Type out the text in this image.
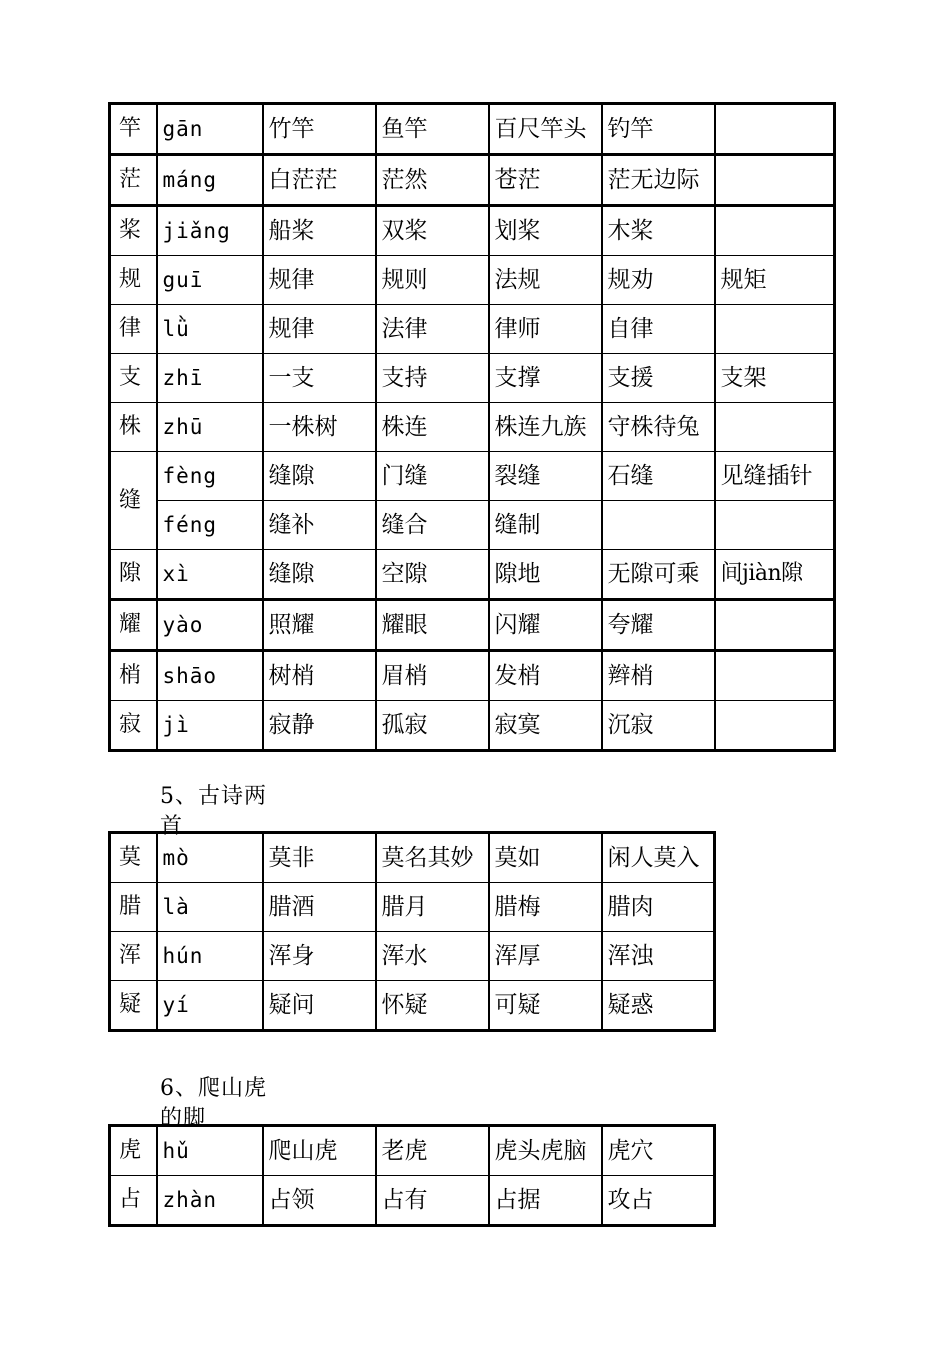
竿	gān	竹竿	鱼竿	百尺竿头	钓竿	
茫	máng	白茫茫	茫然	苍茫	茫无边际	
桨	jiǎng	船桨	双桨	划桨	木桨	
规	guī	规律	规则	法规	规劝	规矩
律	lǜ	规律	法律	律师	自律	
支	zhī	一支	支持	支撑	支援	支架
株	zhū	一株树	株连	株连九族	守株待兔	
缝	fèng	缝隙	门缝	裂缝	石缝	见缝插针
	féng	缝补	缝合	缝制		
隙	xì	缝隙	空隙	隙地	无隙可乘	间jiàn隙
耀	yào	照耀	耀眼	闪耀	夸耀	
梢	shāo	树梢	眉梢	发梢	辫梢	
寂	jì	寂静	孤寂	寂寞	沉寂	
5、古诗两首
莫	mò	莫非	莫名其妙	莫如	闲人莫入
腊	là	腊酒	腊月	腊梅	腊肉
浑	hún	浑身	浑水	浑厚	浑浊
疑	yí	疑问	怀疑	可疑	疑惑
6、爬山虎的脚
虎	hǔ	爬山虎	老虎	虎头虎脑	虎穴
占	zhàn	占领	占有	占据	攻占
